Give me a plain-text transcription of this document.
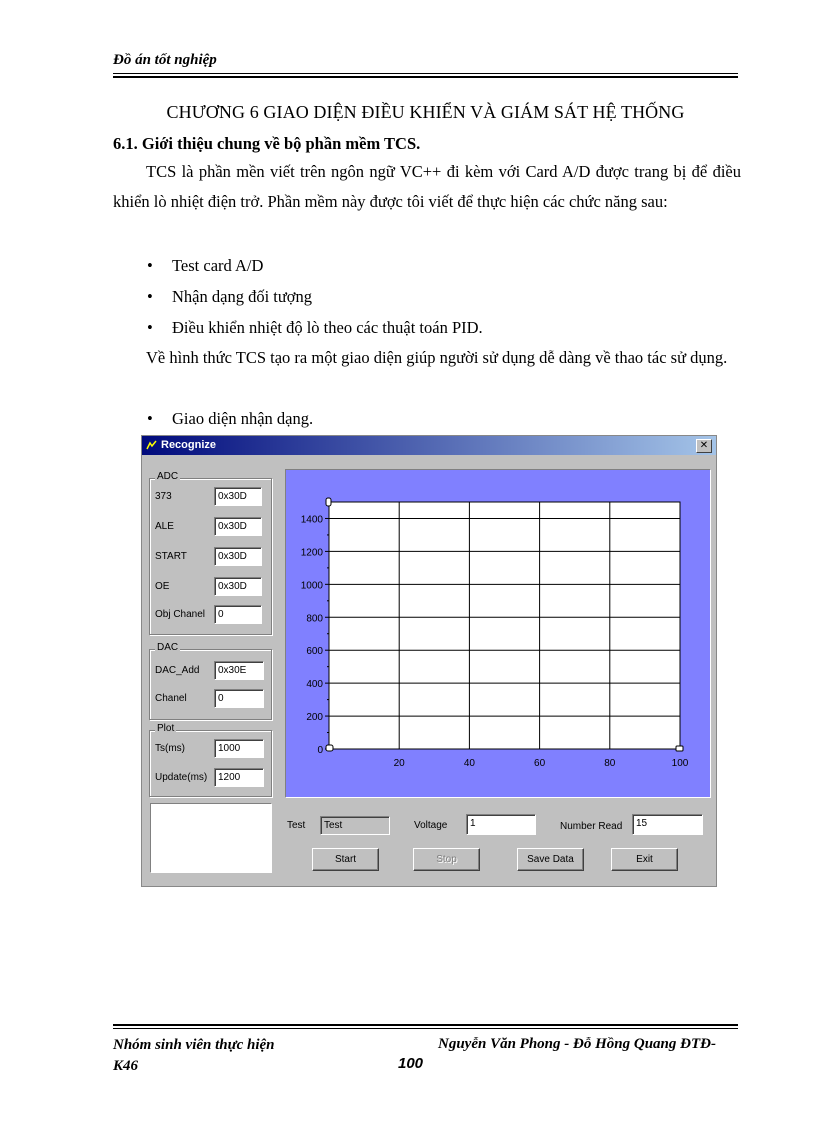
Đồ án tốt nghiệp
CHƯƠNG 6 GIAO DIỆN ĐIỀU KHIỂN VÀ GIÁM SÁT HỆ THỐNG
6.1. Giới thiệu chung về bộ phần mềm TCS.
TCS là phần mền viết trên ngôn ngữ VC++ đi kèm với Card A/D được trang bị để điều khiển lò nhiệt điện trở. Phần mềm này được tôi viết để thực hiện các chức năng sau:
• Test card A/D
• Nhận dạng đối tượng
• Điều khiển nhiệt độ lò theo các thuật toán PID.
Về hình thức TCS tạo ra một giao diện giúp người sử dụng dễ dàng về thao tác sử dụng.
• Giao diện nhận dạng.
Recognize	✕
ADC
373	0x30D
ALE	0x30D
START	0x30D
OE	0x30D
Obj Chanel	0
DAC
DAC_Add	0x30E
Chanel	0
Plot
Ts(ms)	1000
Update(ms)	1200
20	40	60	80	100
0
200
400
600
800
1000
1200
1400
Test	Test	Voltage	1	Number Read	15
Start	Stop	Save Data	Exit
Nhóm sinh viên thực hiện
K46
Nguyễn Văn Phong - Đỗ Hồng Quang ĐTĐ-
100
